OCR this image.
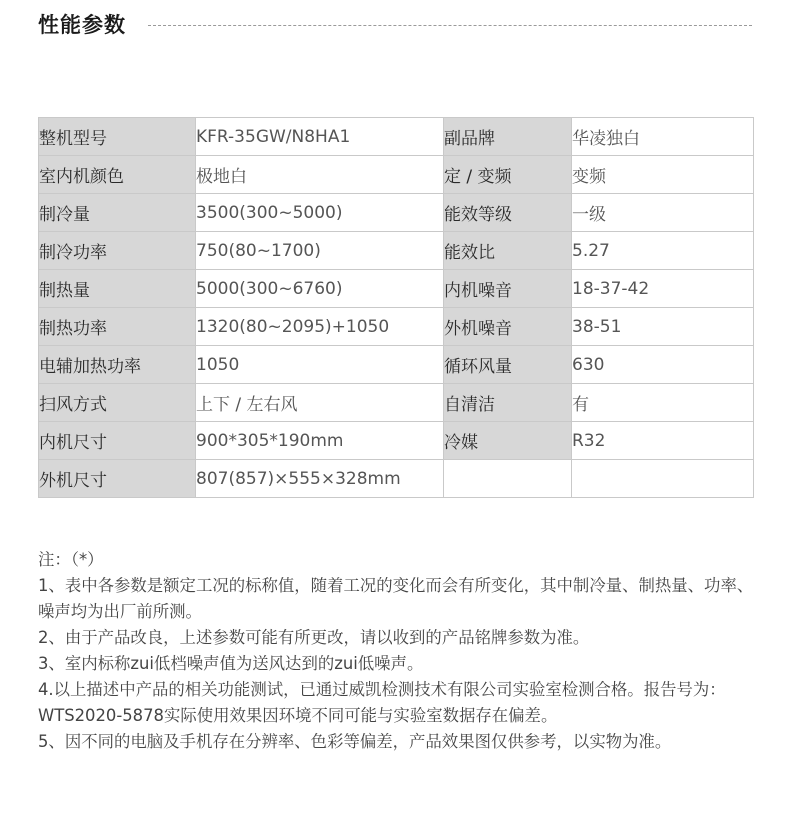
性能参数
整机型号	KFR-35GW/N8HA1	副品牌	华凌独白
室内机颜色	极地白	定 / 变频	变频
制冷量	3500(300~5000)	能效等级	一级
制冷功率	750(80~1700)	能效比	5.27
制热量	5000(300~6760)	内机噪音	18-37-42
制热功率	1320(80~2095)+1050	外机噪音	38-51
电辅加热功率	1050	循环风量	630
扫风方式	上下 / 左右风	自清洁	有
内机尺寸	900*305*190mm	冷媒	R32
外机尺寸	807(857)×555×328mm		

注：（*）

1、表中各参数是额定工况的标称值，随着工况的变化而会有所变化，其中制冷量、制热量、功率、噪声均为出厂前所测。

2、由于产品改良，上述参数可能有所更改，请以收到的产品铭牌参数为准。

3、室内标称zui低档噪声值为送风达到的zui低噪声。

4.以上描述中产品的相关功能测试，已通过威凯检测技术有限公司实验室检测合格。报告号为：WTS2020-5878实际使用效果因环境不同可能与实验室数据存在偏差。

5、因不同的电脑及手机存在分辨率、色彩等偏差，产品效果图仅供参考，以实物为准。
